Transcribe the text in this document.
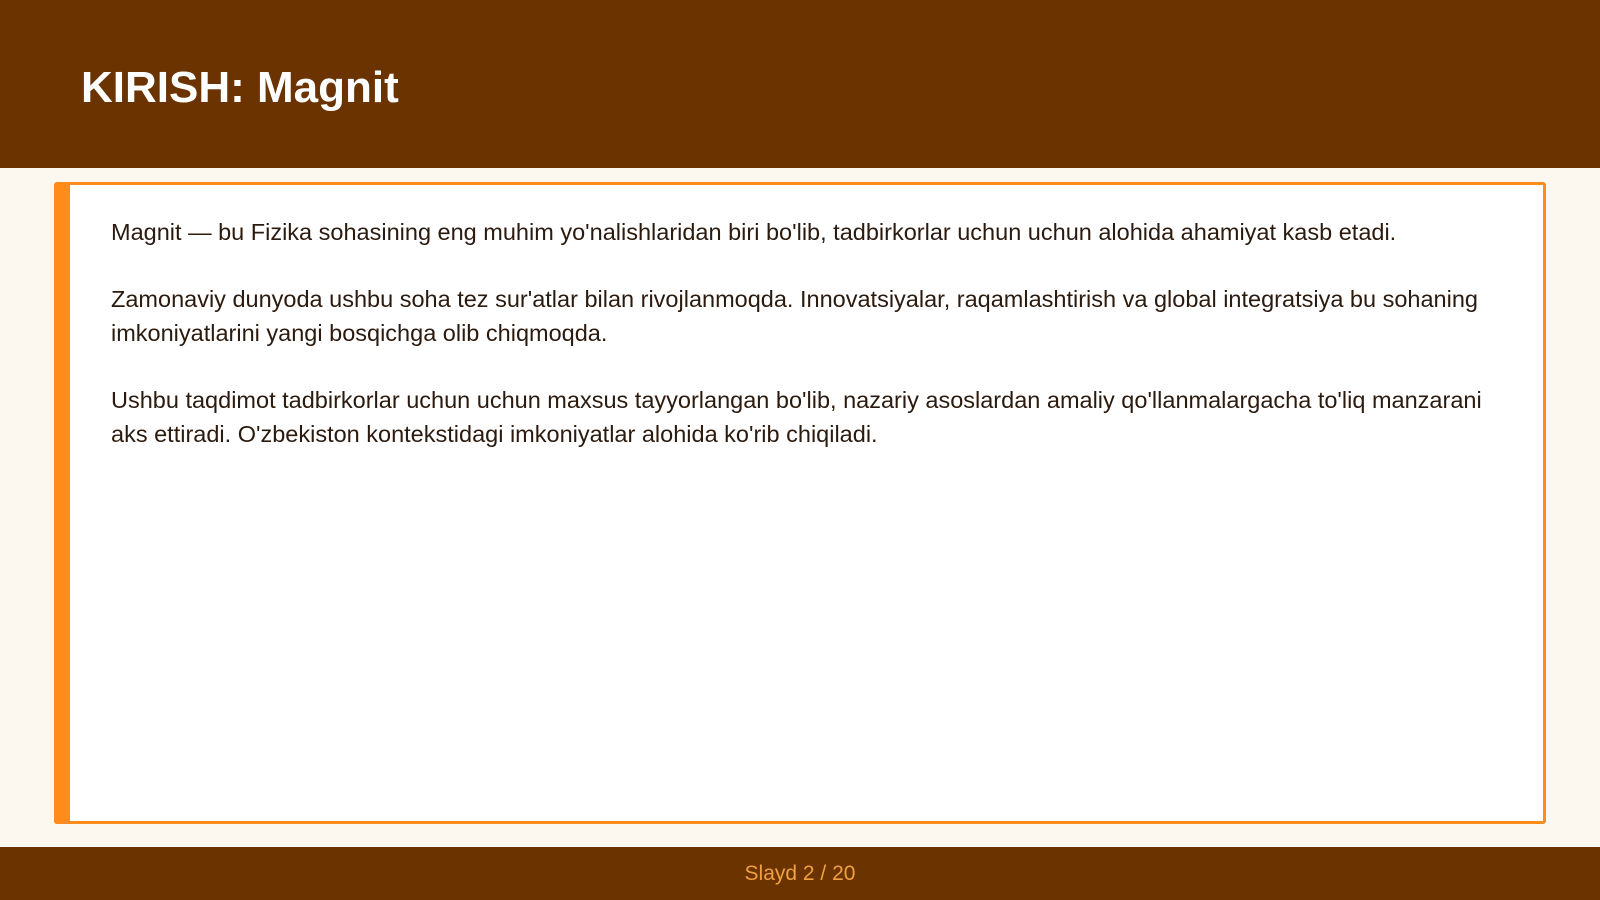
KIRISH: Magnit

Magnit — bu Fizika sohasining eng muhim yo'nalishlaridan biri bo'lib, tadbirkorlar uchun uchun alohida ahamiyat kasb etadi.

Zamonaviy dunyoda ushbu soha tez sur'atlar bilan rivojlanmoqda. Innovatsiyalar, raqamlashtirish va global integratsiya bu sohaning imkoniyatlarini yangi bosqichga olib chiqmoqda.

Ushbu taqdimot tadbirkorlar uchun uchun maxsus tayyorlangan bo'lib, nazariy asoslardan amaliy qo'llanmalargacha to'liq manzarani aks ettiradi. O'zbekiston kontekstidagi imkoniyatlar alohida ko'rib chiqiladi.

Slayd 2 / 20
